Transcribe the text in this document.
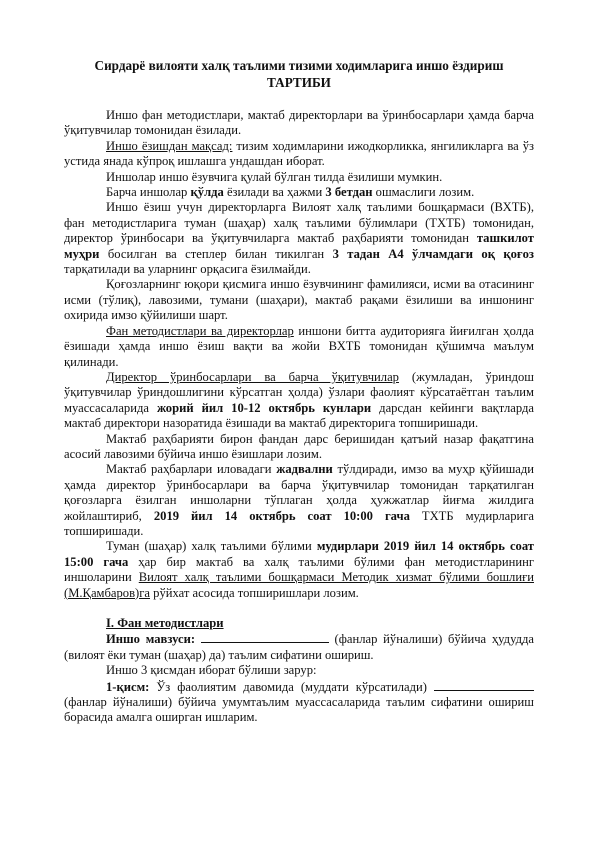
Сирдарё вилояти халқ таълими тизими ходимларига иншо ёздириш
ТАРТИБИ

Иншо фан методистлари, мактаб директорлари ва ўринбосарлари ҳамда барча ўқитувчилар томонидан ёзилади.

Иншо ёзишдан мақсад: тизим ходимларини ижодкорликка, янгиликларга ва ўз устида янада кўпроқ ишлашга ундашдан иборат.

Иншолар иншо ёзувчига қулай бўлган тилда ёзилиши мумкин.

Барча иншолар қўлда ёзилади ва ҳажми 3 бетдан ошмаслиги лозим.

Иншо ёзиш учун директорларга Вилоят халқ таълими бошқармаси (ВХТБ), фан методистларига туман (шаҳар) халқ таълими бўлимлари (ТХТБ) томонидан, директор ўринбосари ва ўқитувчиларга мактаб раҳбарияти томонидан ташкилот муҳри босилган ва степлер билан тикилган 3 тадан А4 ўлчамдаги оқ қоғоз тарқатилади ва уларнинг орқасига ёзилмайди.

Қоғозларнинг юқори қисмига иншо ёзувчининг фамилияси, исми ва отасининг исми (тўлиқ), лавозими, тумани (шаҳари), мактаб рақами ёзилиши ва иншонинг охирида имзо қўйилиши шарт.

Фан методистлари ва директорлар иншони битта аудиторияга йиғилган ҳолда ёзишади ҳамда иншо ёзиш вақти ва жойи ВХТБ томонидан қўшимча маълум қилинади.

Директор ўринбосарлари ва барча ўқитувчилар (жумладан, ўриндош ўқитувчилар ўриндошлигини кўрсатган ҳолда) ўзлари фаолият кўрсатаётган таълим муассасаларида жорий йил 10-12 октябрь кунлари дарсдан кейинги вақтларда мактаб директори назоратида ёзишади ва мактаб директорига топширишади.

Мактаб раҳбарияти бирон фандан дарс беришидан қатъий назар фақатгина асосий лавозими бўйича иншо ёзишлари лозим.

Мактаб раҳбарлари иловадаги жадвални тўлдиради, имзо ва муҳр қўйишади ҳамда директор ўринбосарлари ва барча ўқитувчилар томонидан тарқатилган қоғозларга ёзилган иншоларни тўплаган ҳолда ҳужжатлар йиғма жилдига жойлаштириб, 2019 йил 14 октябрь соат 10:00 гача ТХТБ мудирларига топширишади.

Туман (шаҳар) халқ таълими бўлими мудирлари 2019 йил 14 октябрь соат 15:00 гача ҳар бир мактаб ва халқ таълими бўлими фан методистларининг иншоларини Вилоят халқ таълими бошқармаси Методик хизмат бўлими бошлиғи (М.Қамбаров)га рўйхат асосида топширишлари лозим.

I. Фан методистлари

Иншо мавзуси:	(фанлар йўналиши) бўйича ҳудудда (вилоят ёки туман (шаҳар) да) таълим сифатини ошириш.

Иншо 3 қисмдан иборат бўлиши зарур:

1-қисм: Ўз фаолиятим давомида (муддати кўрсатилади)  (фанлар йўналиши) бўйича умумтаълим муассасаларида таълим сифатини ошириш борасида амалга оширган ишларим.
